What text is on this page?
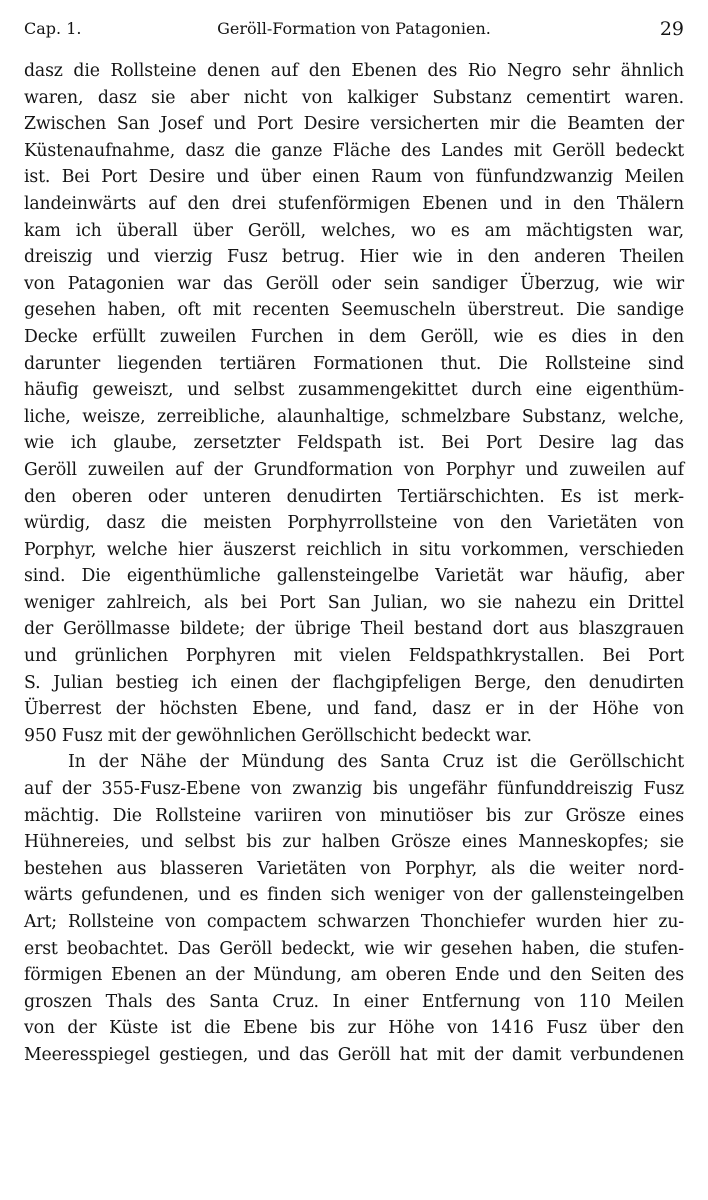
Cap. 1.	Geröll-Formation von Patagonien.	29
dasz die Rollsteine denen auf den Ebenen des Rio Negro sehr ähnlich
waren, dasz sie aber nicht von kalkiger Substanz cementirt waren.
Zwischen San Josef und Port Desire versicherten mir die Beamten der
Küstenaufnahme, dasz die ganze Fläche des Landes mit Geröll bedeckt
ist. Bei Port Desire und über einen Raum von fünfundzwanzig Meilen
landeinwärts auf den drei stufenförmigen Ebenen und in den Thälern
kam ich überall über Geröll, welches, wo es am mächtigsten war,
dreiszig und vierzig Fusz betrug. Hier wie in den anderen Theilen
von Patagonien war das Geröll oder sein sandiger Überzug, wie wir
gesehen haben, oft mit recenten Seemuscheln überstreut. Die sandige
Decke erfüllt zuweilen Furchen in dem Geröll, wie es dies in den
darunter liegenden tertiären Formationen thut. Die Rollsteine sind
häufig geweiszt, und selbst zusammengekittet durch eine eigenthüm-
liche, weisze, zerreibliche, alaunhaltige, schmelzbare Substanz, welche,
wie ich glaube, zersetzter Feldspath ist. Bei Port Desire lag das
Geröll zuweilen auf der Grundformation von Porphyr und zuweilen auf
den oberen oder unteren denudirten Tertiärschichten. Es ist merk-
würdig, dasz die meisten Porphyrrollsteine von den Varietäten von
Porphyr, welche hier äuszerst reichlich in situ vorkommen, verschieden
sind. Die eigenthümliche gallensteingelbe Varietät war häufig, aber
weniger zahlreich, als bei Port San Julian, wo sie nahezu ein Drittel
der Geröllmasse bildete; der übrige Theil bestand dort aus blaszgrauen
und grünlichen Porphyren mit vielen Feldspathkrystallen. Bei Port
S. Julian bestieg ich einen der flachgipfeligen Berge, den denudirten
Überrest der höchsten Ebene, und fand, dasz er in der Höhe von
950 Fusz mit der gewöhnlichen Geröllschicht bedeckt war.
In der Nähe der Mündung des Santa Cruz ist die Geröllschicht
auf der 355-Fusz-Ebene von zwanzig bis ungefähr fünfunddreiszig Fusz
mächtig. Die Rollsteine variiren von minutiöser bis zur Grösze eines
Hühnereies, und selbst bis zur halben Grösze eines Manneskopfes; sie
bestehen aus blasseren Varietäten von Porphyr, als die weiter nord-
wärts gefundenen, und es finden sich weniger von der gallensteingelben
Art; Rollsteine von compactem schwarzen Thonchiefer wurden hier zu-
erst beobachtet. Das Geröll bedeckt, wie wir gesehen haben, die stufen-
förmigen Ebenen an der Mündung, am oberen Ende und den Seiten des
groszen Thals des Santa Cruz. In einer Entfernung von 110 Meilen
von der Küste ist die Ebene bis zur Höhe von 1416 Fusz über den
Meeresspiegel gestiegen, und das Geröll hat mit der damit verbundenen
